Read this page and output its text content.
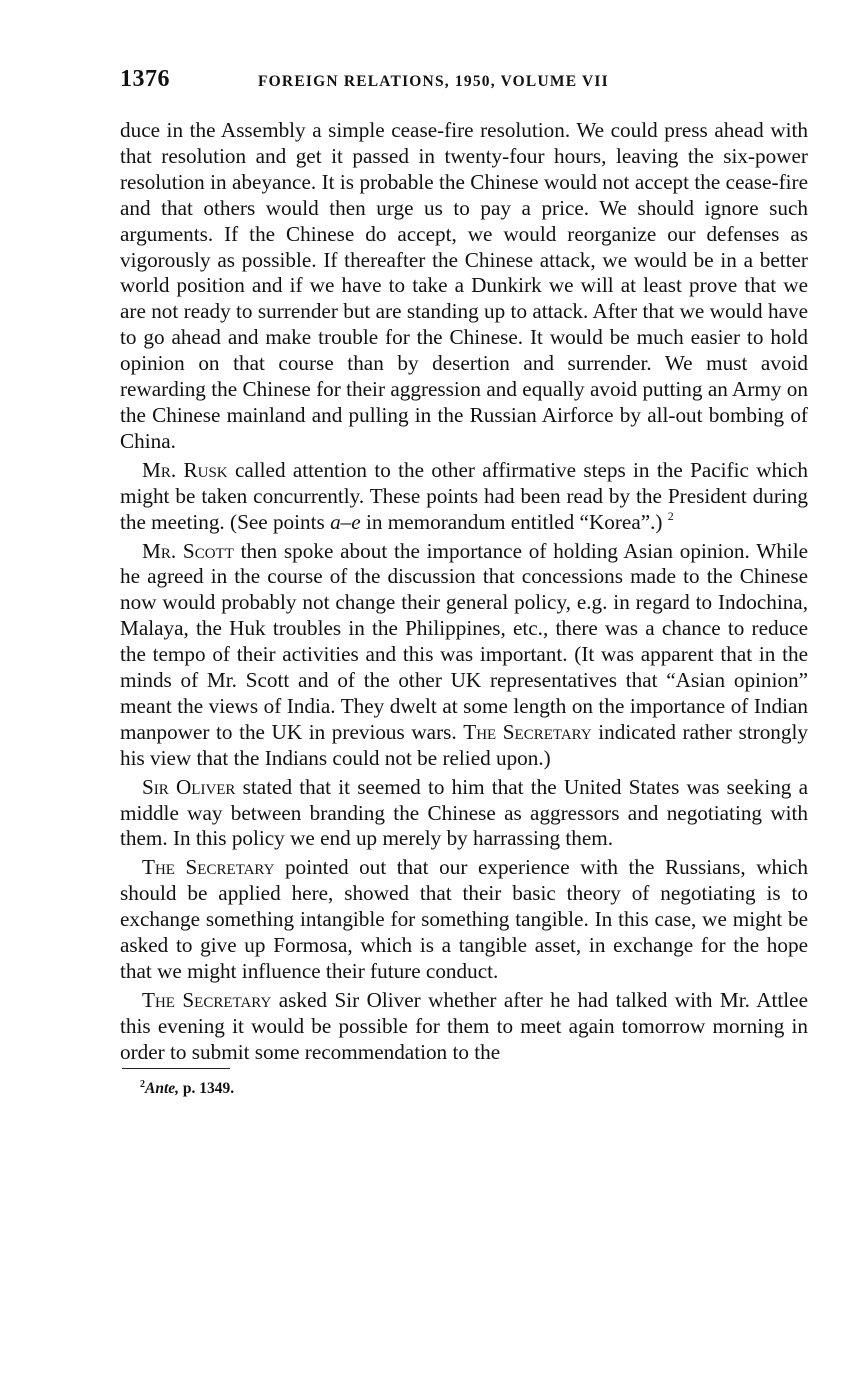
1376	FOREIGN RELATIONS, 1950, VOLUME VII

duce in the Assembly a simple cease-fire resolution. We could press ahead with that resolution and get it passed in twenty-four hours, leaving the six-power resolution in abeyance. It is probable the Chinese would not accept the cease-fire and that others would then urge us to pay a price. We should ignore such arguments. If the Chinese do accept, we would reorganize our defenses as vigorously as possible. If thereafter the Chinese attack, we would be in a better world position and if we have to take a Dunkirk we will at least prove that we are not ready to surrender but are standing up to attack. After that we would have to go ahead and make trouble for the Chinese. It would be much easier to hold opinion on that course than by desertion and surrender. We must avoid rewarding the Chinese for their aggression and equally avoid putting an Army on the Chinese mainland and pulling in the Russian Airforce by all-out bombing of China.

Mr. Rusk called attention to the other affirmative steps in the Pacific which might be taken concurrently. These points had been read by the President during the meeting. (See points a–e in memorandum entitled “Korea”.) $^2$

Mr. Scott then spoke about the importance of holding Asian opinion. While he agreed in the course of the discussion that concessions made to the Chinese now would probably not change their general policy, e.g. in regard to Indochina, Malaya, the Huk troubles in the Philippines, etc., there was a chance to reduce the tempo of their activities and this was important. (It was apparent that in the minds of Mr. Scott and of the other UK representatives that “Asian opinion” meant the views of India. They dwelt at some length on the importance of Indian manpower to the UK in previous wars. The Secretary indicated rather strongly his view that the Indians could not be relied upon.)

Sir Oliver stated that it seemed to him that the United States was seeking a middle way between branding the Chinese as aggressors and negotiating with them. In this policy we end up merely by harrassing them.

The Secretary pointed out that our experience with the Russians, which should be applied here, showed that their basic theory of negotiating is to exchange something intangible for something tangible. In this case, we might be asked to give up Formosa, which is a tangible asset, in exchange for the hope that we might influence their future conduct.

The Secretary asked Sir Oliver whether after he had talked with Mr. Attlee this evening it would be possible for them to meet again tomorrow morning in order to submit some recommendation to the

$^2$Ante, p. 1349.
